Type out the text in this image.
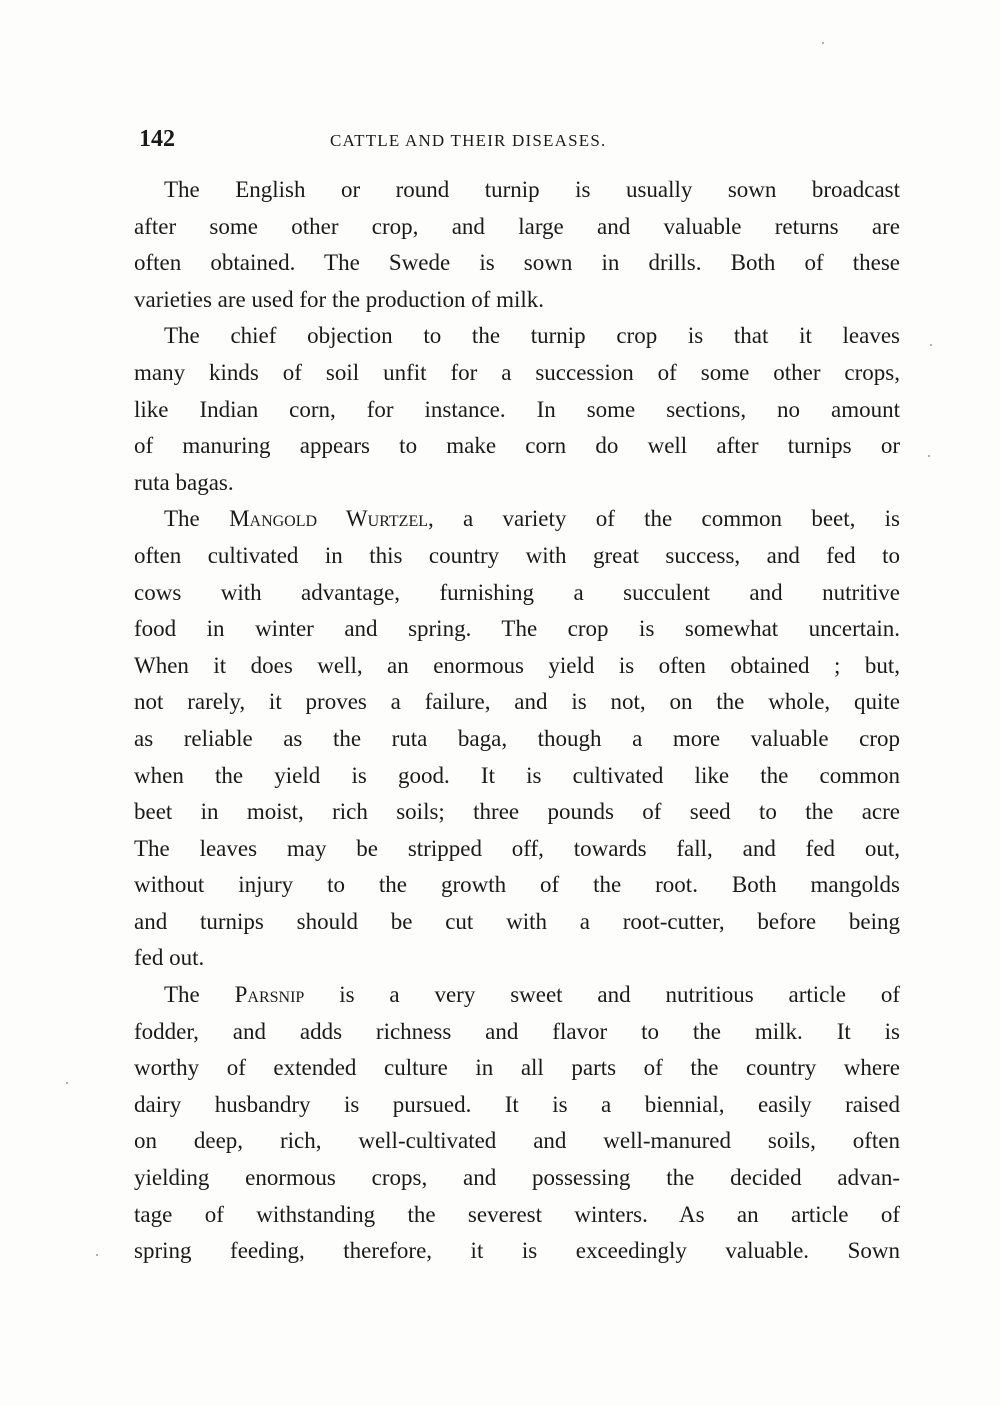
142	CATTLE AND THEIR DISEASES.
The English or round turnip is usually sown broadcast
after some other crop, and large and valuable returns are
often obtained. The Swede is sown in drills. Both of these
varieties are used for the production of milk.
The chief objection to the turnip crop is that it leaves
many kinds of soil unfit for a succession of some other crops,
like Indian corn, for instance. In some sections, no amount
of manuring appears to make corn do well after turnips or
ruta bagas.
The Mangold Wurtzel, a variety of the common beet, is
often cultivated in this country with great success, and fed to
cows with advantage, furnishing a succulent and nutritive
food in winter and spring. The crop is somewhat uncertain.
When it does well, an enormous yield is often obtained ; but,
not rarely, it proves a failure, and is not, on the whole, quite
as reliable as the ruta baga, though a more valuable crop
when the yield is good. It is cultivated like the common
beet in moist, rich soils; three pounds of seed to the acre
The leaves may be stripped off, towards fall, and fed out,
without injury to the growth of the root. Both mangolds
and turnips should be cut with a root-cutter, before being
fed out.
The Parsnip is a very sweet and nutritious article of
fodder, and adds richness and flavor to the milk. It is
worthy of extended culture in all parts of the country where
dairy husbandry is pursued. It is a biennial, easily raised
on deep, rich, well-cultivated and well-manured soils, often
yielding enormous crops, and possessing the decided advan-
tage of withstanding the severest winters. As an article of
spring feeding, therefore, it is exceedingly valuable. Sown
